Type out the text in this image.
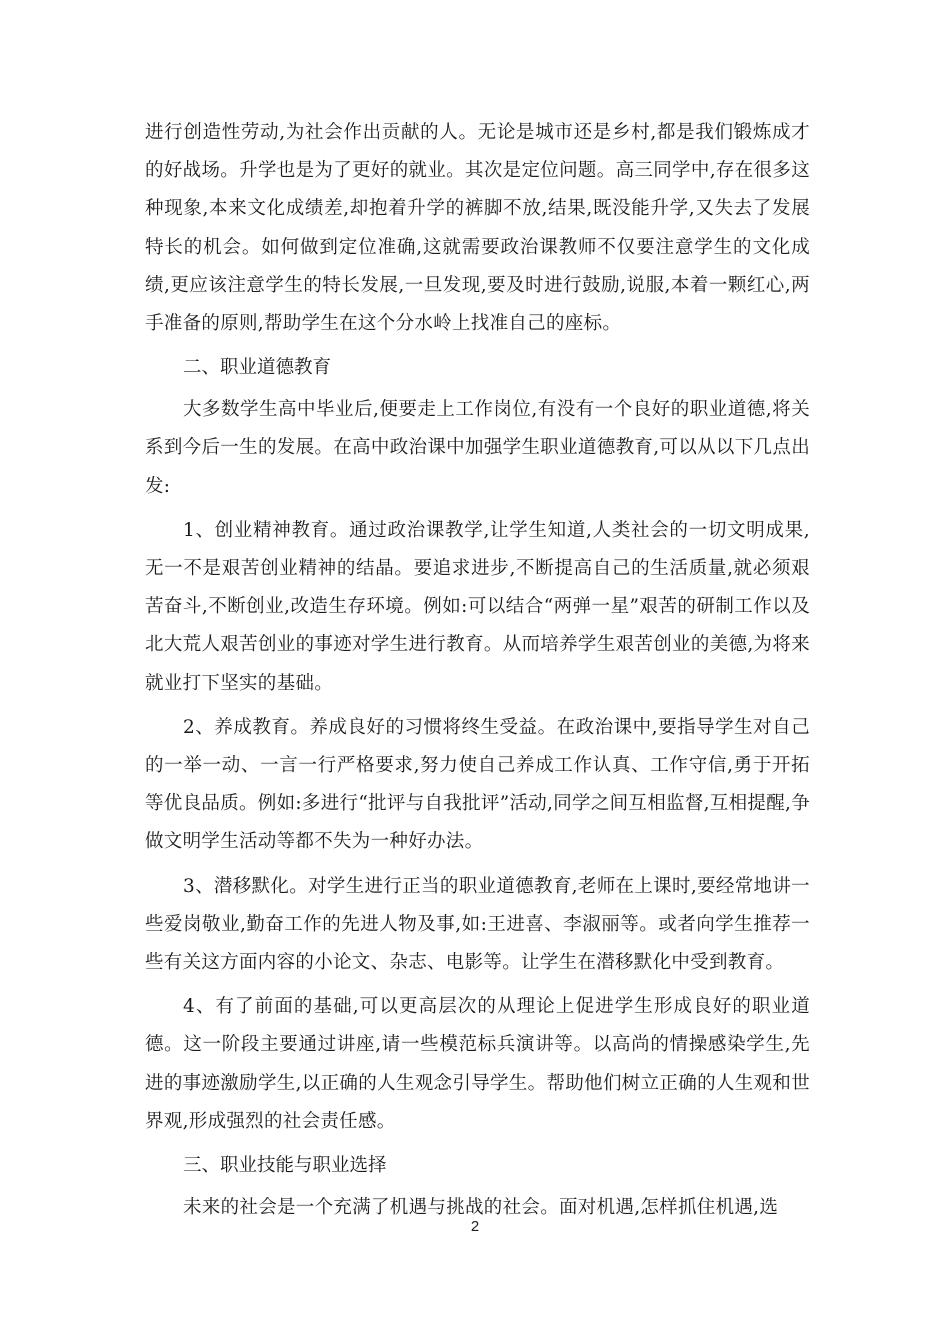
进行创造性劳动,为社会作出贡献的人。无论是城市还是乡村,都是我们锻炼成才的好战场。升学也是为了更好的就业。其次是定位问题。高三同学中,存在很多这种现象,本来文化成绩差,却抱着升学的裤脚不放,结果,既没能升学,又失去了发展特长的机会。如何做到定位准确,这就需要政治课教师不仅要注意学生的文化成绩,更应该注意学生的特长发展,一旦发现,要及时进行鼓励,说服,本着一颗红心,两手准备的原则,帮助学生在这个分水岭上找准自己的座标。

二、职业道德教育

大多数学生高中毕业后,便要走上工作岗位,有没有一个良好的职业道德,将关系到今后一生的发展。在高中政治课中加强学生职业道德教育,可以从以下几点出发:

1、创业精神教育。通过政治课教学,让学生知道,人类社会的一切文明成果,无一不是艰苦创业精神的结晶。要追求进步,不断提高自己的生活质量,就必须艰苦奋斗,不断创业,改造生存环境。例如:可以结合“两弹一星”艰苦的研制工作以及北大荒人艰苦创业的事迹对学生进行教育。从而培养学生艰苦创业的美德,为将来就业打下坚实的基础。

2、养成教育。养成良好的习惯将终生受益。在政治课中,要指导学生对自己的一举一动、一言一行严格要求,努力使自己养成工作认真、工作守信,勇于开拓等优良品质。例如:多进行“批评与自我批评”活动,同学之间互相监督,互相提醒,争做文明学生活动等都不失为一种好办法。

3、潜移默化。对学生进行正当的职业道德教育,老师在上课时,要经常地讲一些爱岗敬业,勤奋工作的先进人物及事,如:王进喜、李淑丽等。或者向学生推荐一些有关这方面内容的小论文、杂志、电影等。让学生在潜移默化中受到教育。

4、有了前面的基础,可以更高层次的从理论上促进学生形成良好的职业道德。这一阶段主要通过讲座,请一些模范标兵演讲等。以高尚的情操感染学生,先进的事迹激励学生,以正确的人生观念引导学生。帮助他们树立正确的人生观和世界观,形成强烈的社会责任感。

三、职业技能与职业选择

未来的社会是一个充满了机遇与挑战的社会。面对机遇,怎样抓住机遇,选

2
